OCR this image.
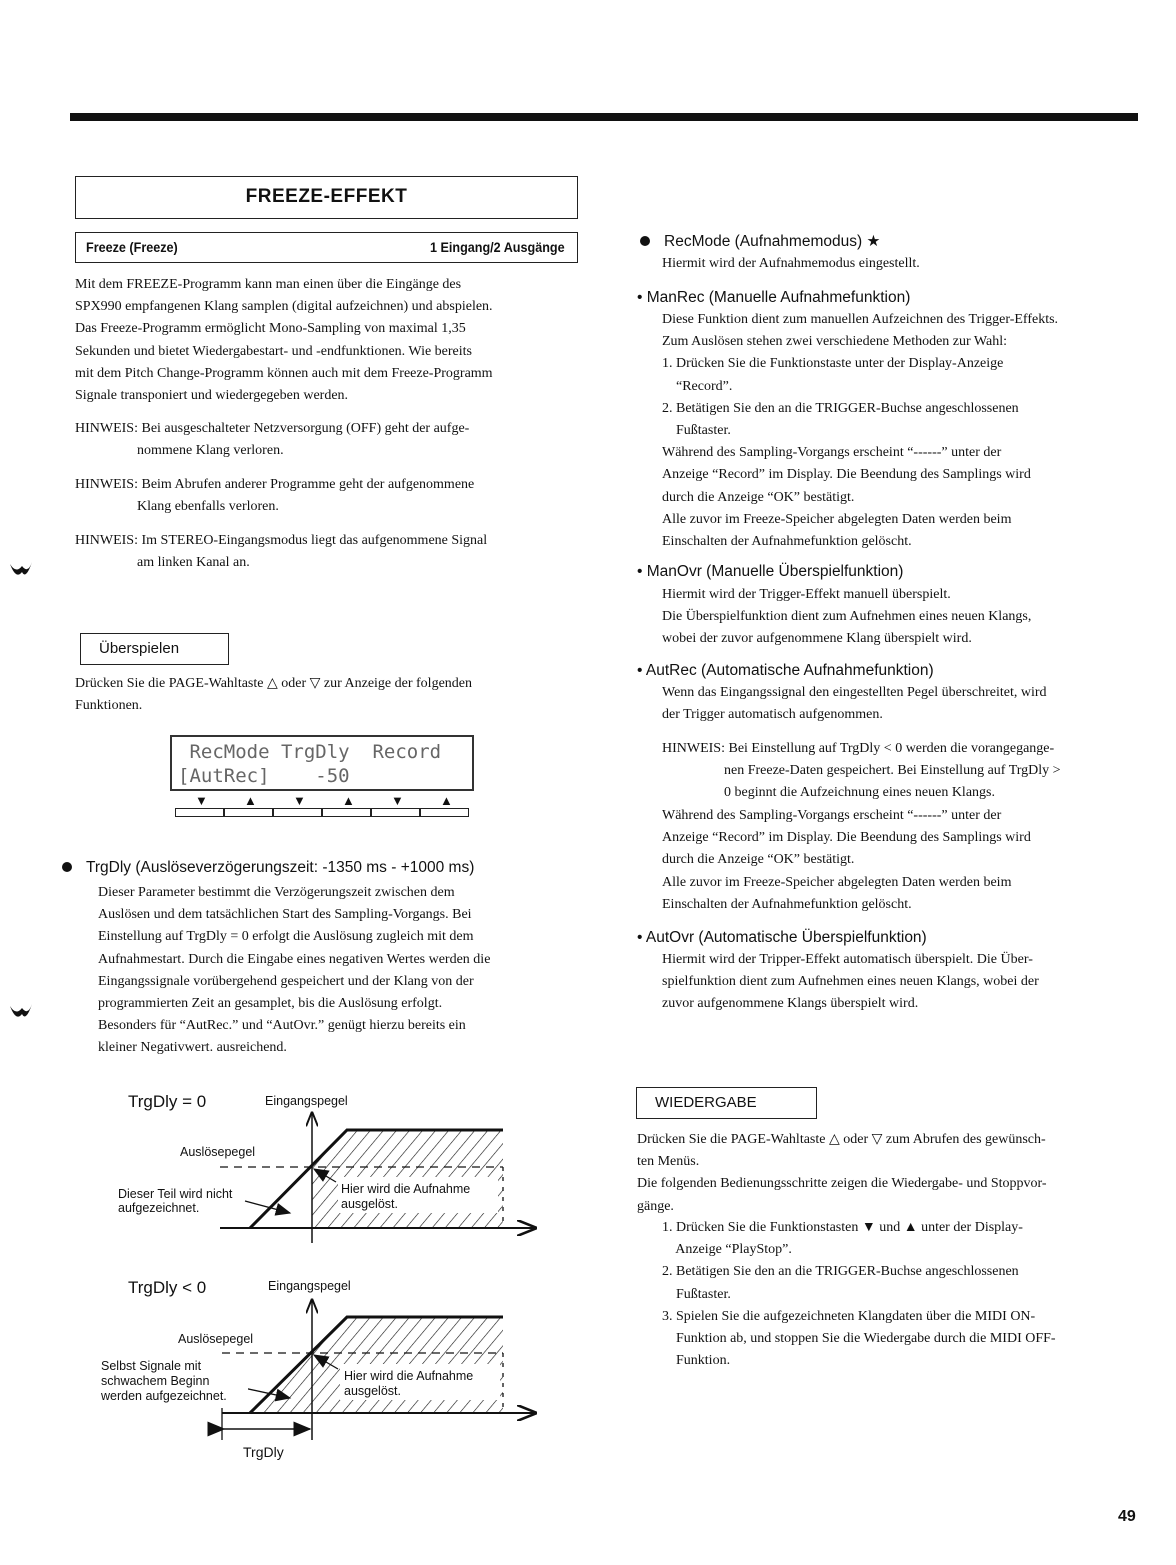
FREEZE-EFFEKT
Freeze (Freeze)	1 Eingang/2 Ausgänge
Mit dem FREEZE-Programm kann man einen über die Eingänge des
SPX990 empfangenen Klang samplen (digital aufzeichnen) und abspielen.
Das Freeze-Programm ermöglicht Mono-Sampling von maximal 1,35
Sekunden und bietet Wiedergabestart- und -endfunktionen. Wie bereits
mit dem Pitch Change-Programm können auch mit dem Freeze-Programm
Signale transponiert und wiedergegeben werden.
HINWEIS: Bei ausgeschalteter Netzversorgung (OFF) geht der aufge-
nommene Klang verloren.
HINWEIS: Beim Abrufen anderer Programme geht der aufgenommene
Klang ebenfalls verloren.
HINWEIS: Im STEREO-Eingangsmodus liegt das aufgenommene Signal
am linken Kanal an.
Überspielen
Drücken Sie die PAGE-Wahltaste △ oder ▽ zur Anzeige der folgenden
Funktionen.
RecMode TrgDly  Record
[AutRec]    -50
▼	▲	▼	▲	▼	▲
TrgDly (Auslöseverzögerungszeit: -1350 ms - +1000 ms)
Dieser Parameter bestimmt die Verzögerungszeit zwischen dem
Auslösen und dem tatsächlichen Start des Sampling-Vorgangs. Bei
Einstellung auf TrgDly = 0 erfolgt die Auslösung zugleich mit dem
Aufnahmestart. Durch die Eingabe eines negativen Wertes werden die
Eingangssignale vorübergehend gespeichert und der Klang von der
programmierten Zeit an gesamplet, bis die Auslösung erfolgt.
Besonders für “AutRec.” und “AutOvr.” genügt hierzu bereits ein
kleiner Negativwert. ausreichend.
TrgDly = 0	Eingangspegel
Auslösepegel
Dieser Teil wird nicht
aufgezeichnet.
Hier wird die Aufnahme
ausgelöst.
TrgDly < 0	Eingangspegel
Auslösepegel
Selbst Signale mit
schwachem Beginn
werden aufgezeichnet.
Hier wird die Aufnahme
ausgelöst.
TrgDly
RecMode (Aufnahmemodus) ★
Hiermit wird der Aufnahmemodus eingestellt.
• ManRec (Manuelle Aufnahmefunktion)
Diese Funktion dient zum manuellen Aufzeichnen des Trigger-Effekts.
Zum Auslösen stehen zwei verschiedene Methoden zur Wahl:
1. Drücken Sie die Funktionstaste unter der Display-Anzeige
“Record”.
2. Betätigen Sie den an die TRIGGER-Buchse angeschlossenen
Fußtaster.
Während des Sampling-Vorgangs erscheint “------” unter der
Anzeige “Record” im Display. Die Beendung des Samplings wird
durch die Anzeige “OK” bestätigt.
Alle zuvor im Freeze-Speicher abgelegten Daten werden beim
Einschalten der Aufnahmefunktion gelöscht.
• ManOvr (Manuelle Überspielfunktion)
Hiermit wird der Trigger-Effekt manuell überspielt.
Die Überspielfunktion dient zum Aufnehmen eines neuen Klangs,
wobei der zuvor aufgenommene Klang überspielt wird.
• AutRec (Automatische Aufnahmefunktion)
Wenn das Eingangssignal den eingestellten Pegel überschreitet, wird
der Trigger automatisch aufgenommen.
HINWEIS: Bei Einstellung auf TrgDly < 0 werden die vorangegange-
nen Freeze-Daten gespeichert. Bei Einstellung auf TrgDly >
0 beginnt die Aufzeichnung eines neuen Klangs.
Während des Sampling-Vorgangs erscheint “------” unter der
Anzeige “Record” im Display. Die Beendung des Samplings wird
durch die Anzeige “OK” bestätigt.
Alle zuvor im Freeze-Speicher abgelegten Daten werden beim
Einschalten der Aufnahmefunktion gelöscht.
• AutOvr (Automatische Überspielfunktion)
Hiermit wird der Tripper-Effekt automatisch überspielt. Die Über-
spielfunktion dient zum Aufnehmen eines neuen Klangs, wobei der
zuvor aufgenommene Klangs überspielt wird.
WIEDERGABE
Drücken Sie die PAGE-Wahltaste △ oder ▽ zum Abrufen des gewünsch-
ten Menüs.
Die folgenden Bedienungsschritte zeigen die Wiedergabe- und Stoppvor-
gänge.
1. Drücken Sie die Funktionstasten ▼ und ▲ unter der Display-
Anzeige “PlayStop”.
2. Betätigen Sie den an die TRIGGER-Buchse angeschlossenen
Fußtaster.
3. Spielen Sie die aufgezeichneten Klangdaten über die MIDI ON-
Funktion ab, und stoppen Sie die Wiedergabe durch die MIDI OFF-
Funktion.
49
